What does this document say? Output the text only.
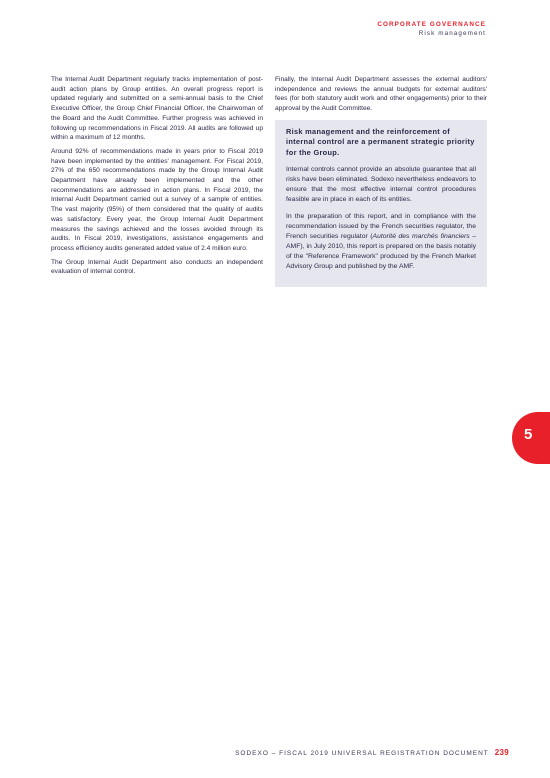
CORPORATE GOVERNANCE
Risk management

The Internal Audit Department regularly tracks implementation of post-audit action plans by Group entities. An overall progress report is updated regularly and submitted on a semi-annual basis to the Chief Executive Officer, the Group Chief Financial Officer, the Chairwoman of the Board and the Audit Committee. Further progress was achieved in following up recommendations in Fiscal 2019. All audits are followed up within a maximum of 12 months.

Around 92% of recommendations made in years prior to Fiscal 2019 have been implemented by the entities' management. For Fiscal 2019, 27% of the 650 recommendations made by the Group Internal Audit Department have already been implemented and the other recommendations are addressed in action plans. In Fiscal 2019, the Internal Audit Department carried out a survey of a sample of entities. The vast majority (95%) of them considered that the quality of audits was satisfactory. Every year, the Group Internal Audit Department measures the savings achieved and the losses avoided through its audits. In Fiscal 2019, investigations, assistance engagements and process efficiency audits generated added value of 2.4 million euro.

The Group Internal Audit Department also conducts an independent evaluation of internal control.

Finally, the Internal Audit Department assesses the external auditors' independence and reviews the annual budgets for external auditors' fees (for both statutory audit work and other engagements) prior to their approval by the Audit Committee.

Risk management and the reinforcement of internal control are a permanent strategic priority for the Group.

Internal controls cannot provide an absolute guarantee that all risks have been eliminated. Sodexo nevertheless endeavors to ensure that the most effective internal control procedures feasible are in place in each of its entities.

In the preparation of this report, and in compliance with the recommendation issued by the French securities regulator, the French securities regulator (Autorité des marchés financiers – AMF), in July 2010, this report is prepared on the basis notably of the "Reference Framework" produced by the French Market Advisory Group and published by the AMF.

5
SODEXO – FISCAL 2019 UNIVERSAL REGISTRATION DOCUMENT 239
